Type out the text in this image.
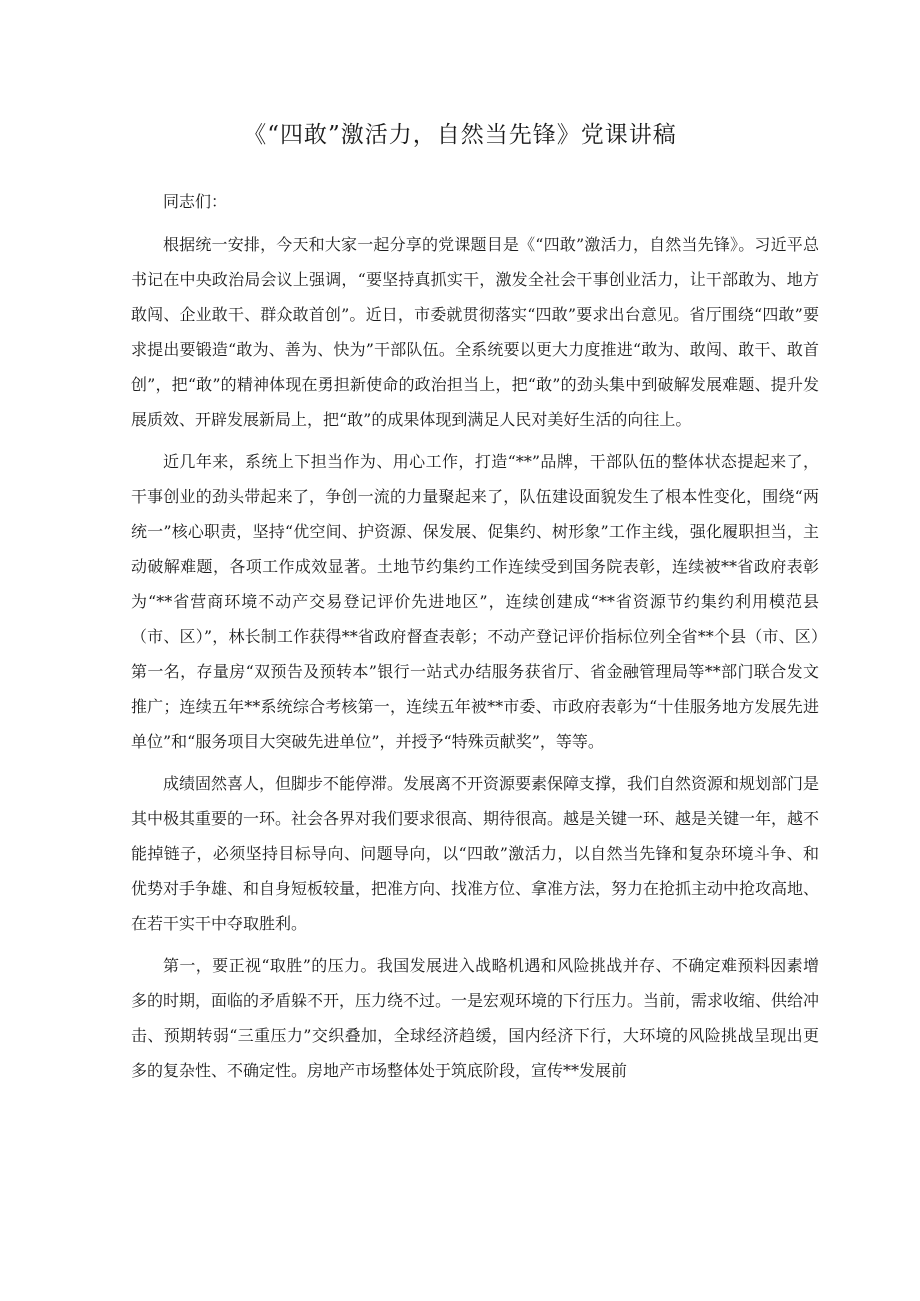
《“四敢”激活力，自然当先锋》党课讲稿

同志们：

根据统一安排，今天和大家一起分享的党课题目是《“四敢”激活力，自然当先锋》。习近平总书记在中央政治局会议上强调，“要坚持真抓实干，激发全社会干事创业活力，让干部敢为、地方敢闯、企业敢干、群众敢首创”。近日，市委就贯彻落实“四敢”要求出台意见。省厅围绕“四敢”要求提出要锻造“敢为、善为、快为”干部队伍。全系统要以更大力度推进“敢为、敢闯、敢干、敢首创”，把“敢”的精神体现在勇担新使命的政治担当上，把“敢”的劲头集中到破解发展难题、提升发展质效、开辟发展新局上，把“敢”的成果体现到满足人民对美好生活的向往上。

近几年来，系统上下担当作为、用心工作，打造“**”品牌，干部队伍的整体状态提起来了，干事创业的劲头带起来了，争创一流的力量聚起来了，队伍建设面貌发生了根本性变化，围绕“两统一”核心职责，坚持“优空间、护资源、保发展、促集约、树形象”工作主线，强化履职担当，主动破解难题，各项工作成效显著。土地节约集约工作连续受到国务院表彰，连续被**省政府表彰为“**省营商环境不动产交易登记评价先进地区”，连续创建成“**省资源节约集约利用模范县（市、区）”，林长制工作获得**省政府督查表彰；不动产登记评价指标位列全省**个县（市、区）第一名，存量房“双预告及预转本”银行一站式办结服务获省厅、省金融管理局等**部门联合发文推广；连续五年**系统综合考核第一，连续五年被**市委、市政府表彰为“十佳服务地方发展先进单位”和“服务项目大突破先进单位”，并授予“特殊贡献奖”，等等。

成绩固然喜人，但脚步不能停滞。发展离不开资源要素保障支撑，我们自然资源和规划部门是其中极其重要的一环。社会各界对我们要求很高、期待很高。越是关键一环、越是关键一年，越不能掉链子，必须坚持目标导向、问题导向，以“四敢”激活力，以自然当先锋和复杂环境斗争、和优势对手争雄、和自身短板较量，把准方向、找准方位、拿准方法，努力在抢抓主动中抢攻高地、在若干实干中夺取胜利。

第一，要正视“取胜”的压力。我国发展进入战略机遇和风险挑战并存、不确定难预料因素增多的时期，面临的矛盾躲不开，压力绕不过。一是宏观环境的下行压力。当前，需求收缩、供给冲击、预期转弱“三重压力”交织叠加，全球经济趋缓，国内经济下行，大环境的风险挑战呈现出更多的复杂性、不确定性。房地产市场整体处于筑底阶段，宣传**发展前
